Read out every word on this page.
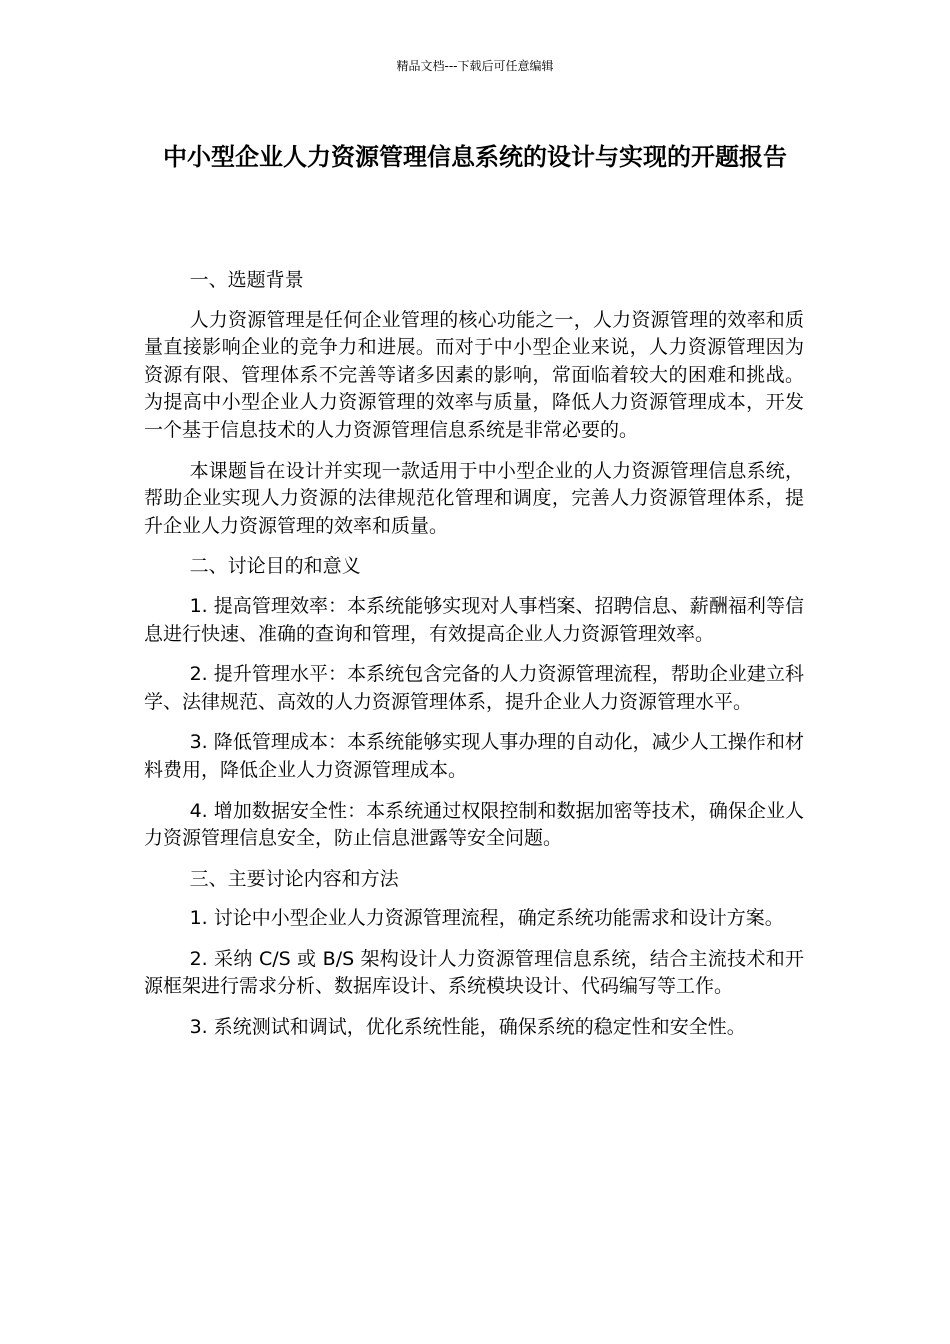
精品文档---下载后可任意编辑
中小型企业人力资源管理信息系统的设计与实现的开题报告

一、选题背景

人力资源管理是任何企业管理的核心功能之一，人力资源管理的效率和质量直接影响企业的竞争力和进展。而对于中小型企业来说，人力资源管理因为资源有限、管理体系不完善等诸多因素的影响，常面临着较大的困难和挑战。为提高中小型企业人力资源管理的效率与质量，降低人力资源管理成本，开发一个基于信息技术的人力资源管理信息系统是非常必要的。

本课题旨在设计并实现一款适用于中小型企业的人力资源管理信息系统，帮助企业实现人力资源的法律规范化管理和调度，完善人力资源管理体系，提升企业人力资源管理的效率和质量。

二、讨论目的和意义

1. 提高管理效率：本系统能够实现对人事档案、招聘信息、薪酬福利等信息进行快速、准确的查询和管理，有效提高企业人力资源管理效率。

2. 提升管理水平：本系统包含完备的人力资源管理流程，帮助企业建立科学、法律规范、高效的人力资源管理体系，提升企业人力资源管理水平。

3. 降低管理成本：本系统能够实现人事办理的自动化，减少人工操作和材料费用，降低企业人力资源管理成本。

4. 增加数据安全性：本系统通过权限控制和数据加密等技术，确保企业人力资源管理信息安全，防止信息泄露等安全问题。

三、主要讨论内容和方法

1. 讨论中小型企业人力资源管理流程，确定系统功能需求和设计方案。

2. 采纳 C/S 或 B/S 架构设计人力资源管理信息系统，结合主流技术和开源框架进行需求分析、数据库设计、系统模块设计、代码编写等工作。

3. 系统测试和调试，优化系统性能，确保系统的稳定性和安全性。
